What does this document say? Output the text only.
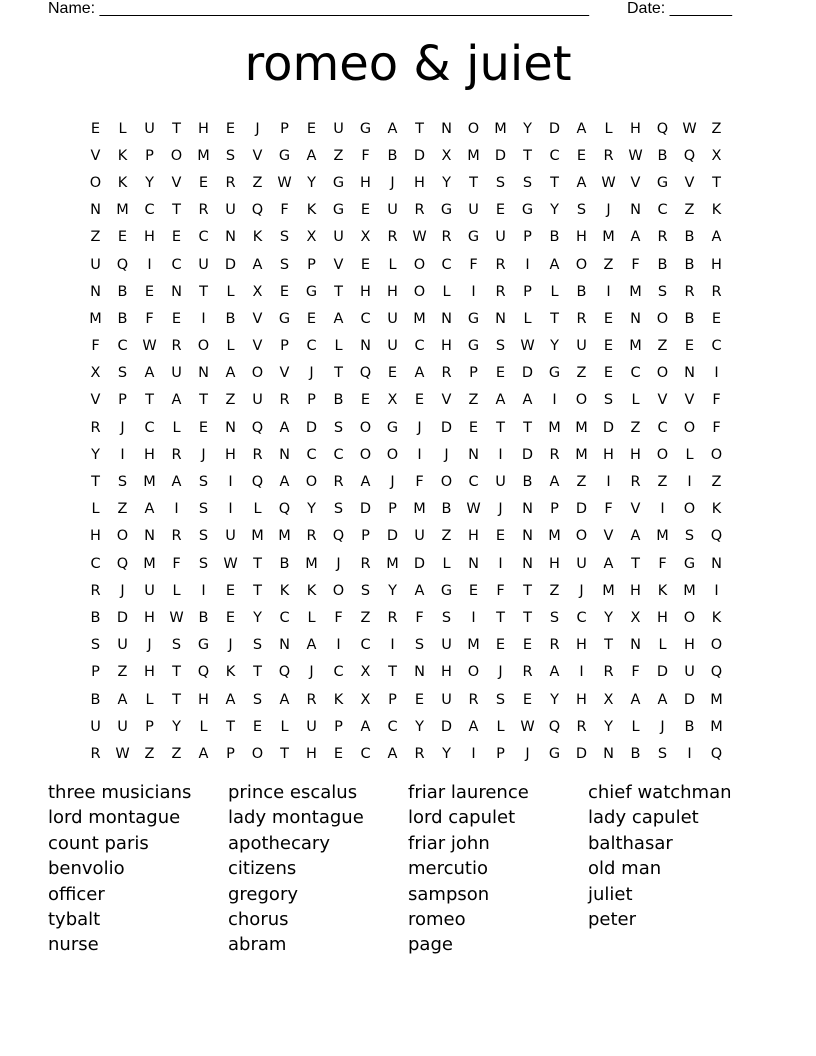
Name: _______________________________________________________ Date: _______
romeo & juiet
E	L	U	T	H	E	J	P	E	U	G	A	T	N	O	M	Y	D	A	L	H	Q W	Z
V	K	P	O	M	S	V	G	A	Z	F	B	D	X	M	D	T	C	E	R	W	B	Q	X
O	K	Y	V	E	R	Z	W	Y	G	H	J	H	Y	T	S	S	T	A	W	V	G	V	T
N	M	C	T	R	U	Q	F	K	G	E	U	R	G	U	E	G	Y	S	J	N	C	Z	K
Z	E	H	E	C	N	K	S	X	U	X	R	W	R	G	U	P	B	H	M	A	R	B	A
U	Q	I	C	U	D	A	S	P	V	E	L	O	C	F	R	I	A	O	Z	F	B	B	H
N	B	E	N	T	L	X	E	G	T	H	H	O	L	I	R	P	L	B	I	M	S	R	R
M	B	F	E	I	B	V	G	E	A	C	U	M	N	G	N	L	T	R	E	N	O	B	E
F	C	W	R	O	L	V	P	C	L	N	U	C	H	G	S	W	Y	U	E	M	Z	E	C
X	S	A	U	N	A	O	V	J	T	Q	E	A	R	P	E	D	G	Z	E	C	O	N	I
V	P	T	A	T	Z	U	R	P	B	E	X	E	V	Z	A	A	I	O	S	L	V	V	F
R	J	C	L	E	N	Q	A	D	S	O	G	J	D	E	T	T	M M	D	Z	C	O	F
Y	I	H	R	J	H	R	N	C	C	O	O	I	J	N	I	D	R	M	H	H	O	L	O
T	S	M	A	S	I	Q	A	O	R	A	J	F	O	C	U	B	A	Z	I	R	Z	I	Z
L	Z	A	I	S	I	L	Q	Y	S	D	P	M	B	W	J	N	P	D	F	V	I	O	K
H	O	N	R	S	U	M M	R	Q	P	D	U	Z	H	E	N	M	O	V	A	M	S	Q
C	Q	M	F	S	W	T	B	M	J	R	M	D	L	N	I	N	H	U	A	T	F	G	N
R	J	U	L	I	E	T	K	K	O	S	Y	A	G	E	F	T	Z	J	M	H	K	M	I
B	D	H W	B	E	Y	C	L	F	Z	R	F	S	I	T	T	S	C	Y	X	H	O	K
S	U	J	S	G	J	S	N	A	I	C	I	S	U	M	E	E	R	H	T	N	L	H	O
P	Z	H	T	Q	K	T	Q	J	C	X	T	N	H	O	J	R	A	I	R	F	D	U	Q
B	A	L	T	H	A	S	A	R	K	X	P	E	U	R	S	E	Y	H	X	A	A	D	M
U	U	P	Y	L	T	E	L	U	P	A	C	Y	D	A	L	W Q	R	Y	L	J	B	M
R	W	Z	Z	A	P	O	T	H	E	C	A	R	Y	I	P	J	G	D	N	B	S	I	Q
three musicians
lord montague
count paris
benvolio
officer
tybalt
nurse
prince escalus
lady montague
apothecary
citizens
gregory
chorus
abram
friar laurence
lord capulet
friar john
mercutio
sampson
romeo
page
chief watchman
lady capulet
balthasar
old man
juliet
peter
